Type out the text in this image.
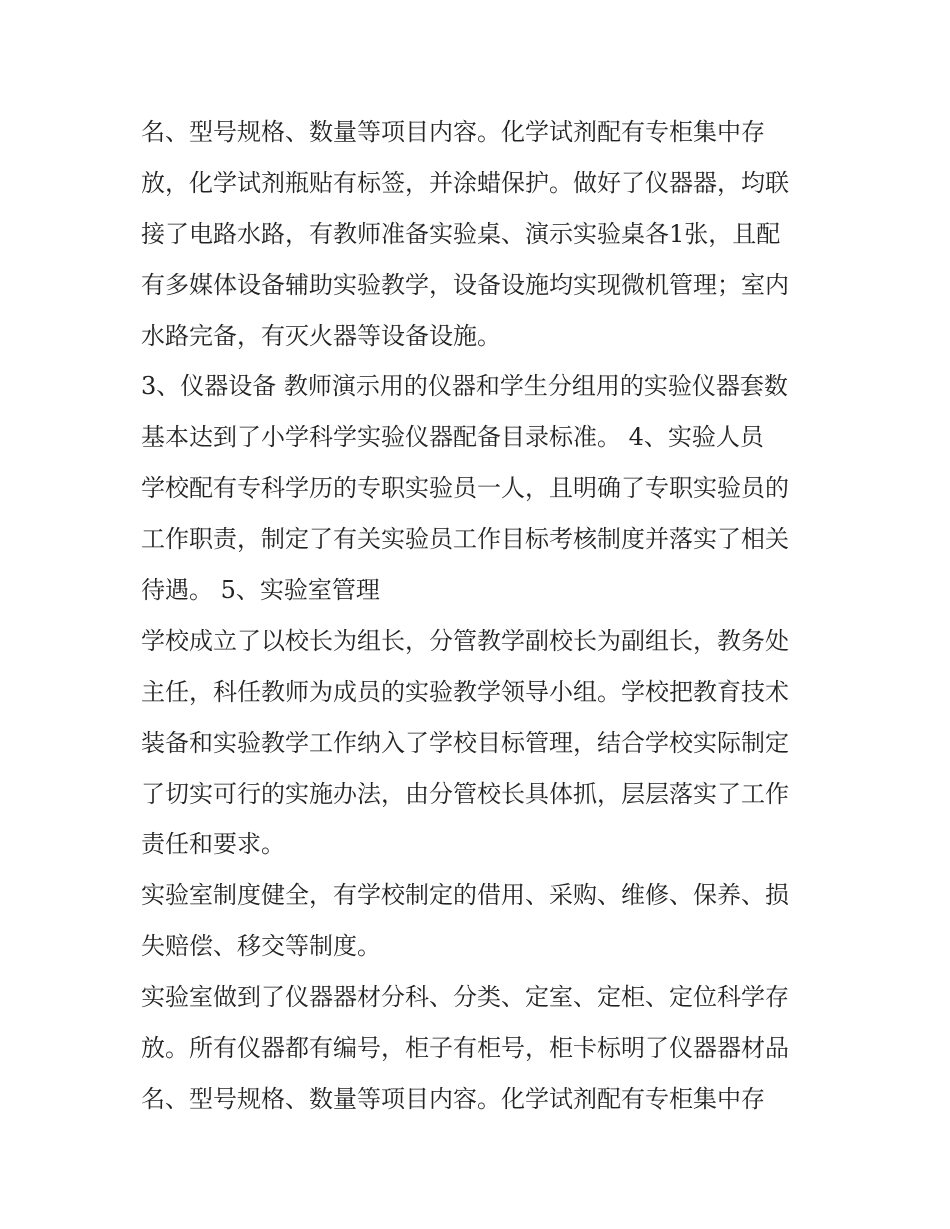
名、型号规格、数量等项目内容。化学试剂配有专柜集中存
放，化学试剂瓶贴有标签，并涂蜡保护。做好了仪器器，均联
接了电路水路，有教师准备实验桌、演示实验桌各1张，且配
有多媒体设备辅助实验教学，设备设施均实现微机管理；室内
水路完备，有灭火器等设备设施。
3、仪器设备 教师演示用的仪器和学生分组用的实验仪器套数
基本达到了小学科学实验仪器配备目录标准。 4、实验人员
学校配有专科学历的专职实验员一人，且明确了专职实验员的
工作职责，制定了有关实验员工作目标考核制度并落实了相关
待遇。 5、实验室管理
学校成立了以校长为组长，分管教学副校长为副组长，教务处
主任，科任教师为成员的实验教学领导小组。学校把教育技术
装备和实验教学工作纳入了学校目标管理，结合学校实际制定
了切实可行的实施办法，由分管校长具体抓，层层落实了工作
责任和要求。
实验室制度健全，有学校制定的借用、采购、维修、保养、损
失赔偿、移交等制度。
实验室做到了仪器器材分科、分类、定室、定柜、定位科学存
放。所有仪器都有编号，柜子有柜号，柜卡标明了仪器器材品
名、型号规格、数量等项目内容。化学试剂配有专柜集中存
